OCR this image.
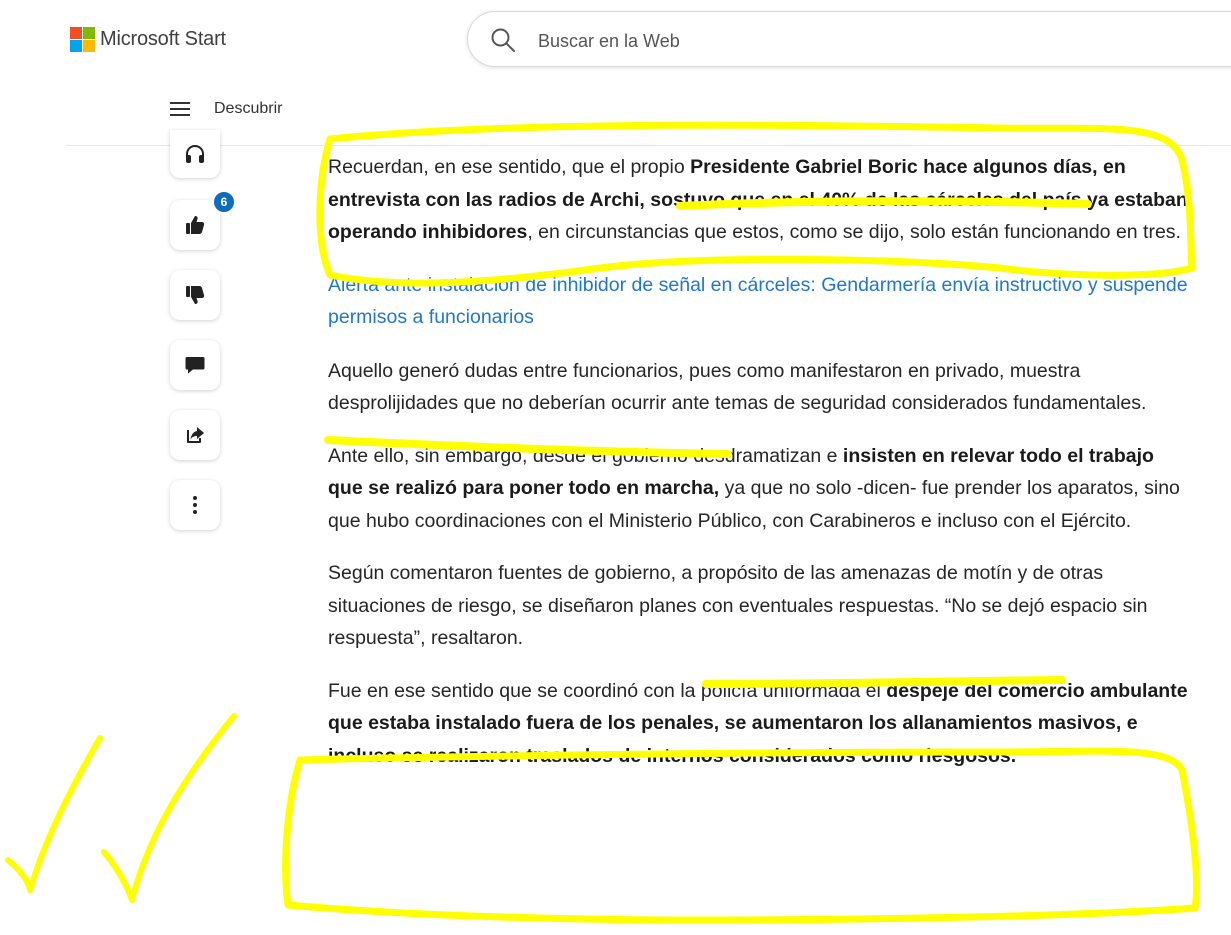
Microsoft Start
Buscar en la Web
Descubrir
6

Recuerdan, en ese sentido, que el propio Presidente Gabriel Boric hace algunos días, en entrevista con las radios de Archi, sostuvo que en el 40% de las cárceles del país ya estaban operando inhibidores, en circunstancias que estos, como se dijo, solo están funcionando en tres.

Alerta ante instalación de inhibidor de señal en cárceles: Gendarmería envía instructivo y suspende permisos a funcionarios

Aquello generó dudas entre funcionarios, pues como manifestaron en privado, muestra desprolijidades que no deberían ocurrir ante temas de seguridad considerados fundamentales.

Ante ello, sin embargo, desde el gobierno desdramatizan e insisten en relevar todo el trabajo que se realizó para poner todo en marcha, ya que no solo -dicen- fue prender los aparatos, sino que hubo coordinaciones con el Ministerio Público, con Carabineros e incluso con el Ejército.

Según comentaron fuentes de gobierno, a propósito de las amenazas de motín y de otras situaciones de riesgo, se diseñaron planes con eventuales respuestas. “No se dejó espacio sin respuesta”, resaltaron.

Fue en ese sentido que se coordinó con la policía uniformada el despeje del comercio ambulante que estaba instalado fuera de los penales, se aumentaron los allanamientos masivos, e incluso se realizaron traslados de internos considerados como riesgosos.
